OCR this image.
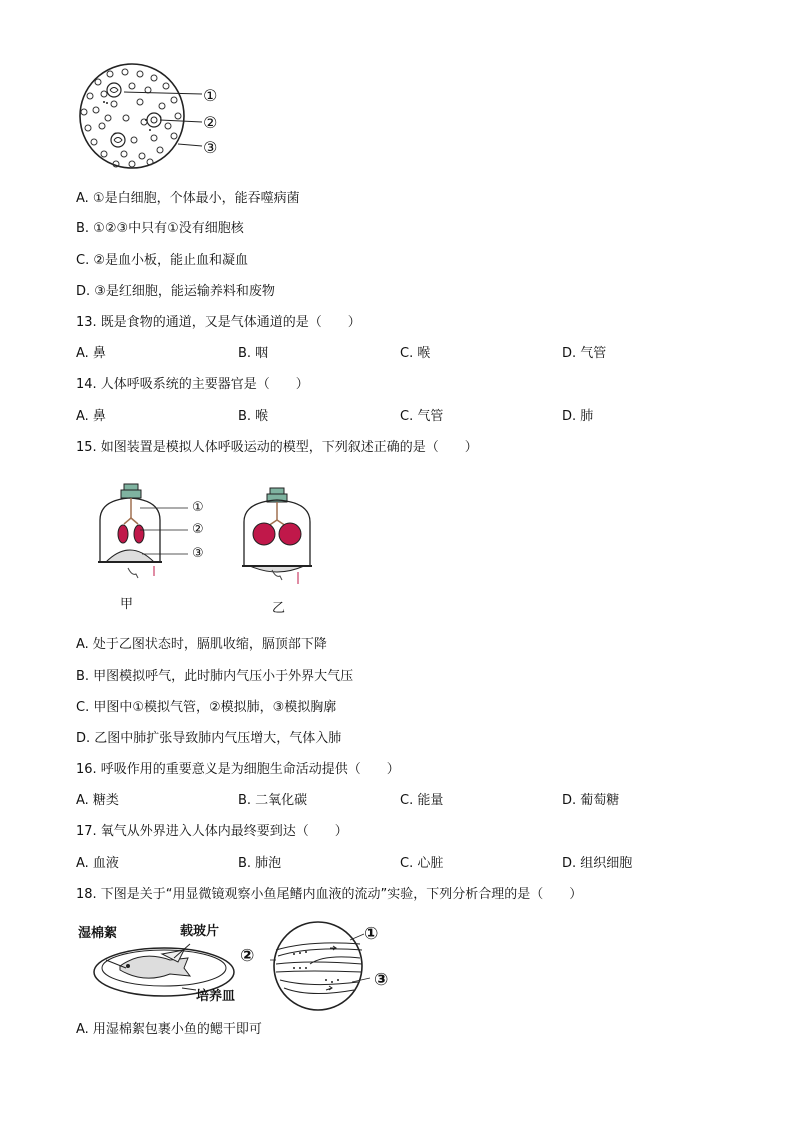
①
②
③
A. ①是白细胞，个体最小，能吞噬病菌
B. ①②③中只有①没有细胞核
C. ②是血小板，能止血和凝血
D. ③是红细胞，能运输养料和废物
13. 既是食物的通道，又是气体通道的是（　　）
A. 鼻	B. 咽	C. 喉	D. 气管
14. 人体呼吸系统的主要器官是（　　）
A. 鼻	B. 喉	C. 气管	D. 肺
15. 如图装置是模拟人体呼吸运动的模型，下列叙述正确的是（　　）
①
②
③
甲	乙
A. 处于乙图状态时，膈肌收缩，膈顶部下降
B. 甲图模拟呼气，此时肺内气压小于外界大气压
C. 甲图中①模拟气管，②模拟肺，③模拟胸廓
D. 乙图中肺扩张导致肺内气压增大，气体入肺
16. 呼吸作用的重要意义是为细胞生命活动提供（　　）
A. 糖类	B. 二氧化碳	C. 能量	D. 葡萄糖
17. 氧气从外界进入人体内最终要到达（　　）
A. 血液	B. 肺泡	C. 心脏	D. 组织细胞
18. 下图是关于“用显微镜观察小鱼尾鳍内血液的流动”实验，下列分析合理的是（　　）
湿棉絮	载玻片
培养皿
①
②
③
A. 用湿棉絮包裹小鱼的鳃干即可
